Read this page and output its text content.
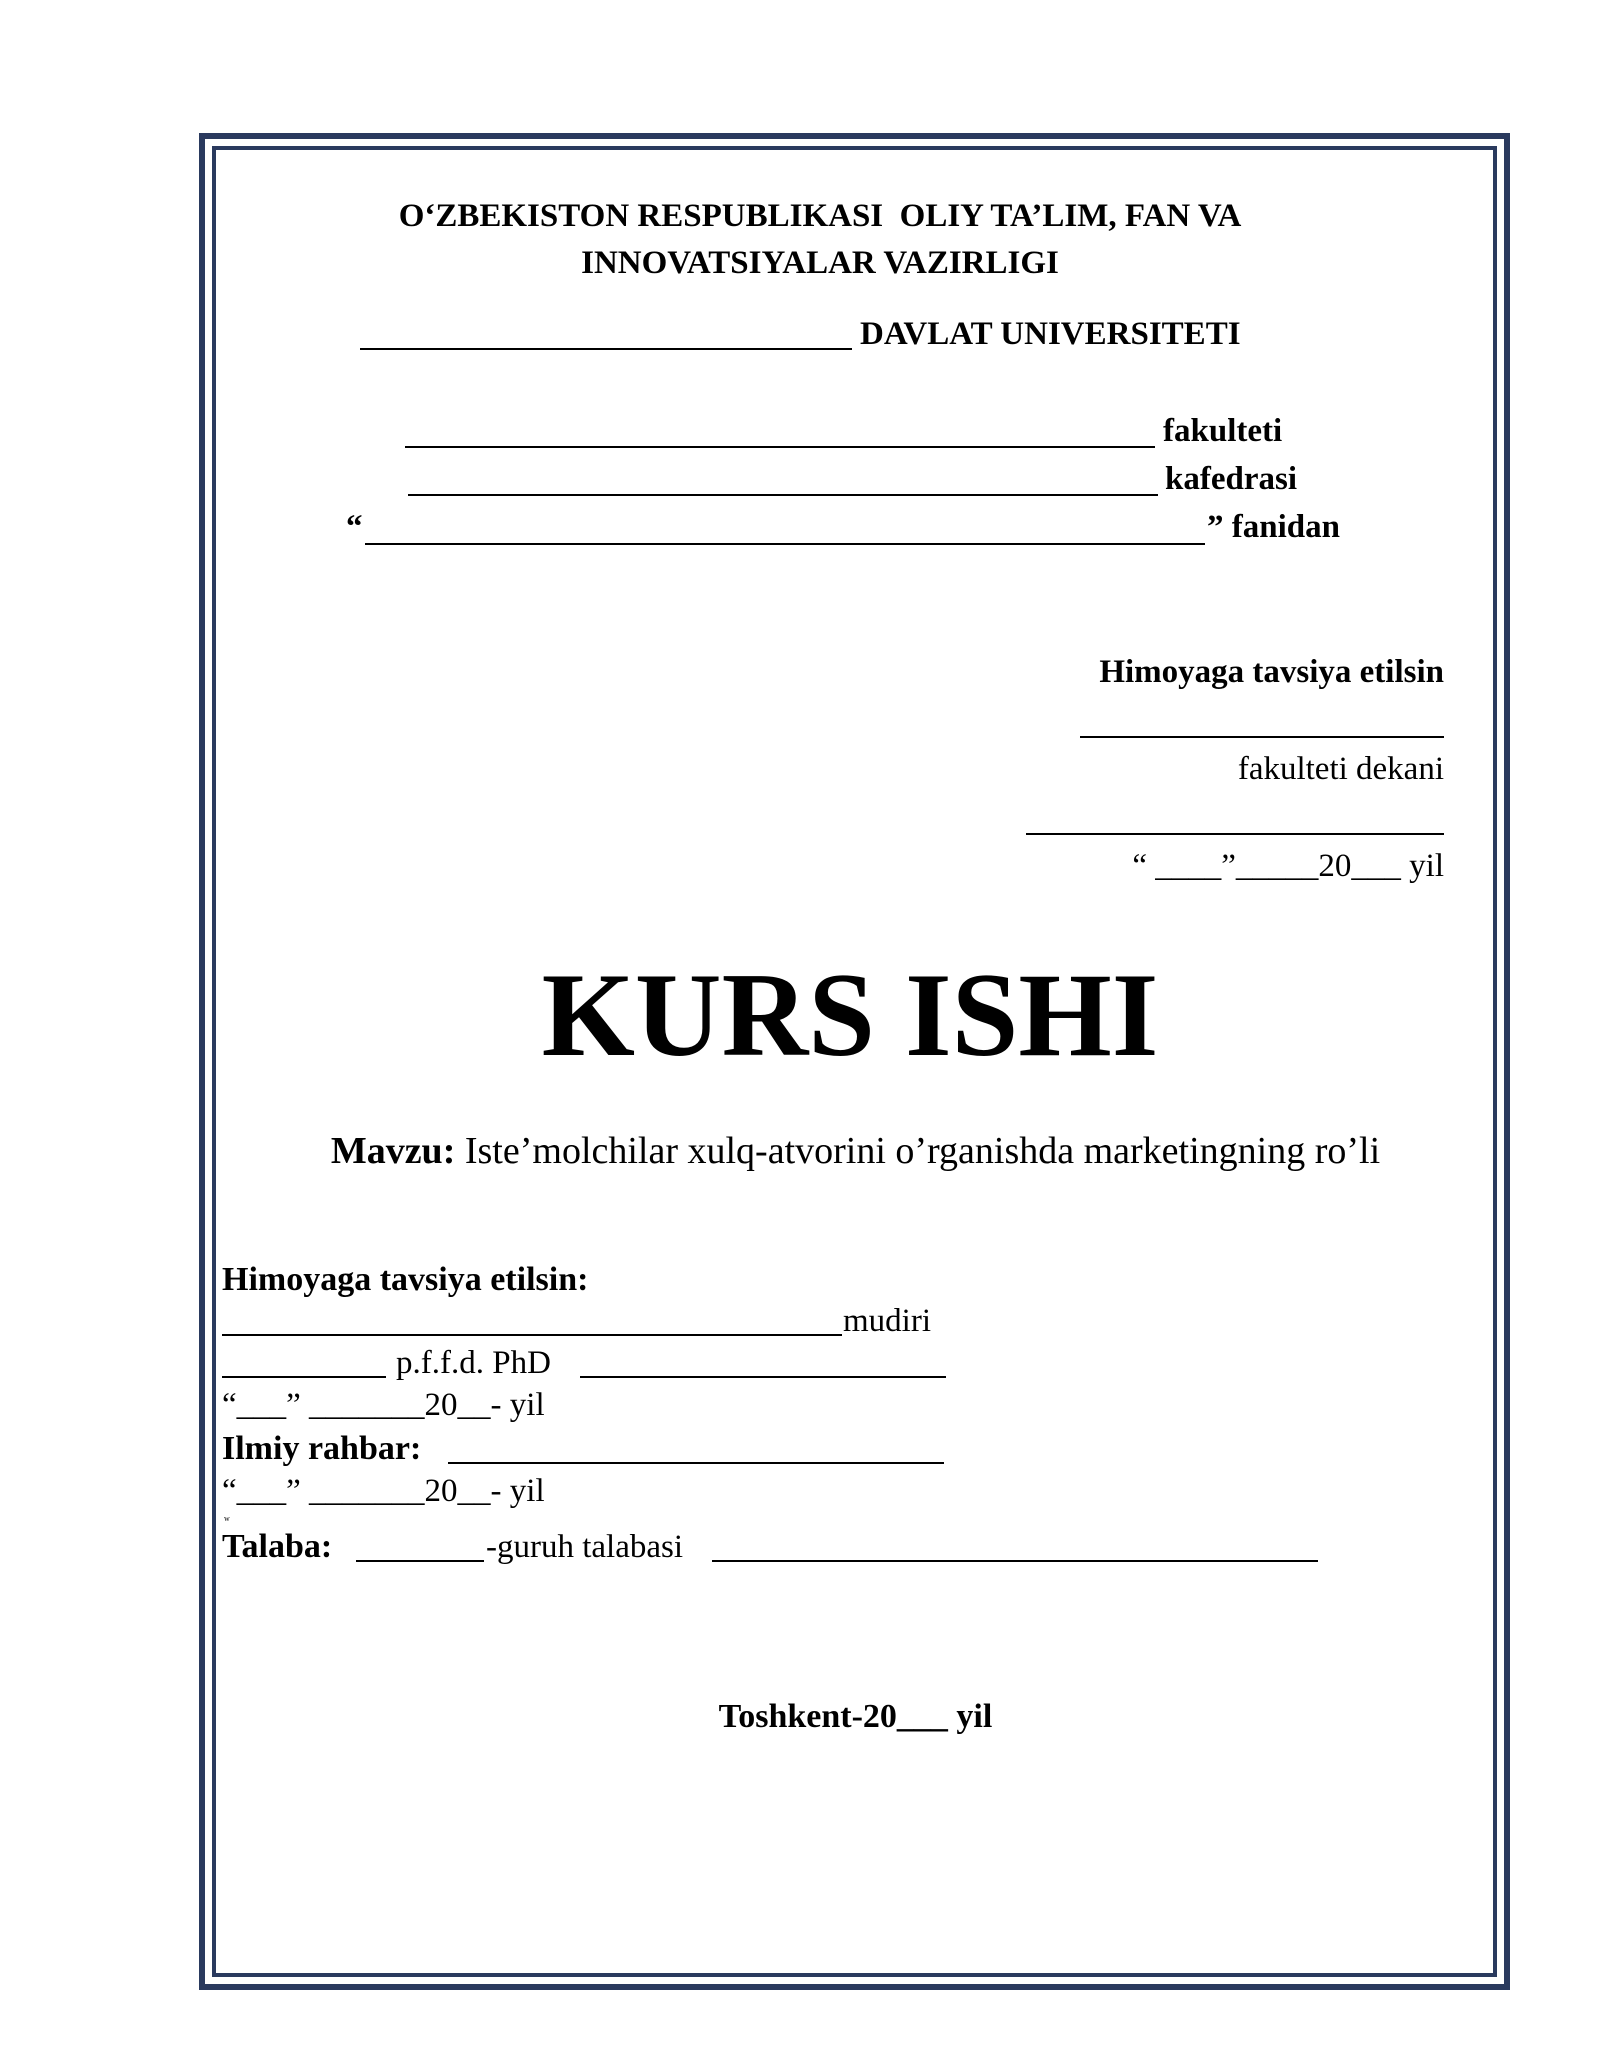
O‘ZBEKISTON RESPUBLIKASI  OLIY TA’LIM, FAN VA
INNOVATSIYALAR VAZIRLIGI
DAVLAT UNIVERSITETI
fakulteti
kafedrasi
“	” fanidan
Himoyaga tavsiya etilsin
fakulteti dekani
“ ____”_____20___ yil
KURS ISHI
Mavzu: Iste’molchilar xulq-atvorini o’rganishda marketingning ro’li
Himoyaga tavsiya etilsin:
mudiri
p.f.f.d. PhD
“___” _______20__- yil
Ilmiy rahbar:
“___” _______20__- yil
w
Talaba:	-guruh talabasi
Toshkent-20___ yil
